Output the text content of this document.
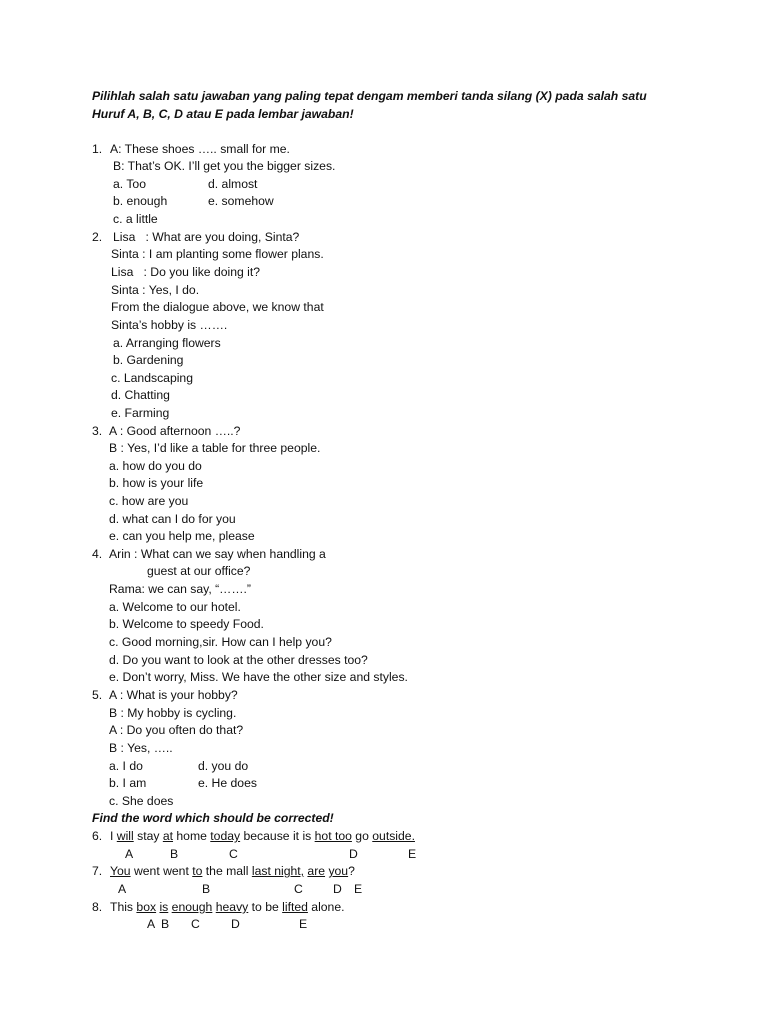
Pilihlah salah satu jawaban yang paling tepat dengam memberi tanda silang (X) pada salah satu
Huruf A, B, C, D atau E pada lembar jawaban!
1. A: These shoes ….. small for me.
B: That’s OK. I’ll get you the bigger sizes.
a. Too	d. almost
b. enough	e. somehow
c. a little
2. Lisa   : What are you doing, Sinta?
Sinta : I am planting some flower plans.
Lisa   : Do you like doing it?
Sinta : Yes, I do.
From the dialogue above, we know that
Sinta’s hobby is …….
a. Arranging flowers
b. Gardening
c. Landscaping
d. Chatting
e. Farming
3. A : Good afternoon …..?
B : Yes, I’d like a table for three people.
a. how do you do
b. how is your life
c. how are you
d. what can I do for you
e. can you help me, please
4. Arin : What can we say when handling a
guest at our office?
Rama: we can say, “…….”
a. Welcome to our hotel.
b. Welcome to speedy Food.
c. Good morning,sir. How can I help you?
d. Do you want to look at the other dresses too?
e. Don’t worry, Miss. We have the other size and styles.
5. A : What is your hobby?
B : My hobby is cycling.
A : Do you often do that?
B : Yes, …..
a. I do	d. you do
b. I am	e. He does
c. She does
Find the word which should be corrected!
6. I will stay at home today because it is hot too go outside.

A

	B

	C

	D

	E

7. You went went to the mall last night, are you?

A

	B

	C

D

E

8. This box is enough heavy to be lifted alone.

A

B

C

	D

	E
